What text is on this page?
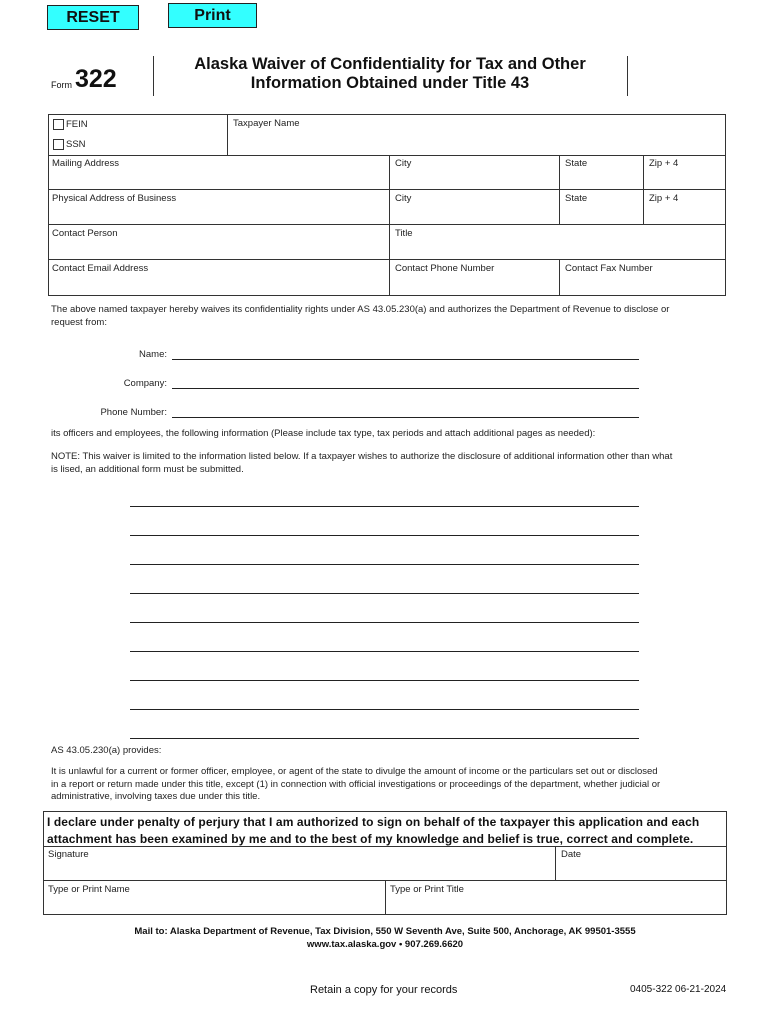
RESET	Print
Form 322
Alaska Waiver of Confidentiality for Tax and Other
Information Obtained under Title 43
FEIN
SSN
Taxpayer Name
Mailing Address	City	State	Zip + 4
Physical Address of Business	City	State	Zip + 4
Contact Person	Title
Contact Email Address	Contact Phone Number	Contact Fax Number
The above named taxpayer hereby waives its confidentiality rights under AS 43.05.230(a) and authorizes the Department of Revenue to disclose or
request from:
Name:
Company:
Phone Number:
its officers and employees, the following information (Please include tax type, tax periods and attach additional pages as needed):
NOTE: This waiver is limited to the information listed below. If a taxpayer wishes to authorize the disclosure of additional information other than what
is lised, an additional form must be submitted.
AS 43.05.230(a) provides:
It is unlawful for a current or former officer, employee, or agent of the state to divulge the amount of income or the particulars set out or disclosed
in a report or return made under this title, except (1) in connection with official investigations or proceedings of the department, whether judicial or
administrative, involving taxes due under this title.
I declare under penalty of perjury that I am authorized to sign on behalf of the taxpayer this application and each
attachment has been examined by me and to the best of my knowledge and belief is true, correct and complete.
Signature	Date
Type or Print Name	Type or Print Title
Mail to: Alaska Department of Revenue, Tax Division, 550 W Seventh Ave, Suite 500, Anchorage, AK 99501-3555
www.tax.alaska.gov • 907.269.6620
Retain a copy for your records	0405-322 06-21-2024
